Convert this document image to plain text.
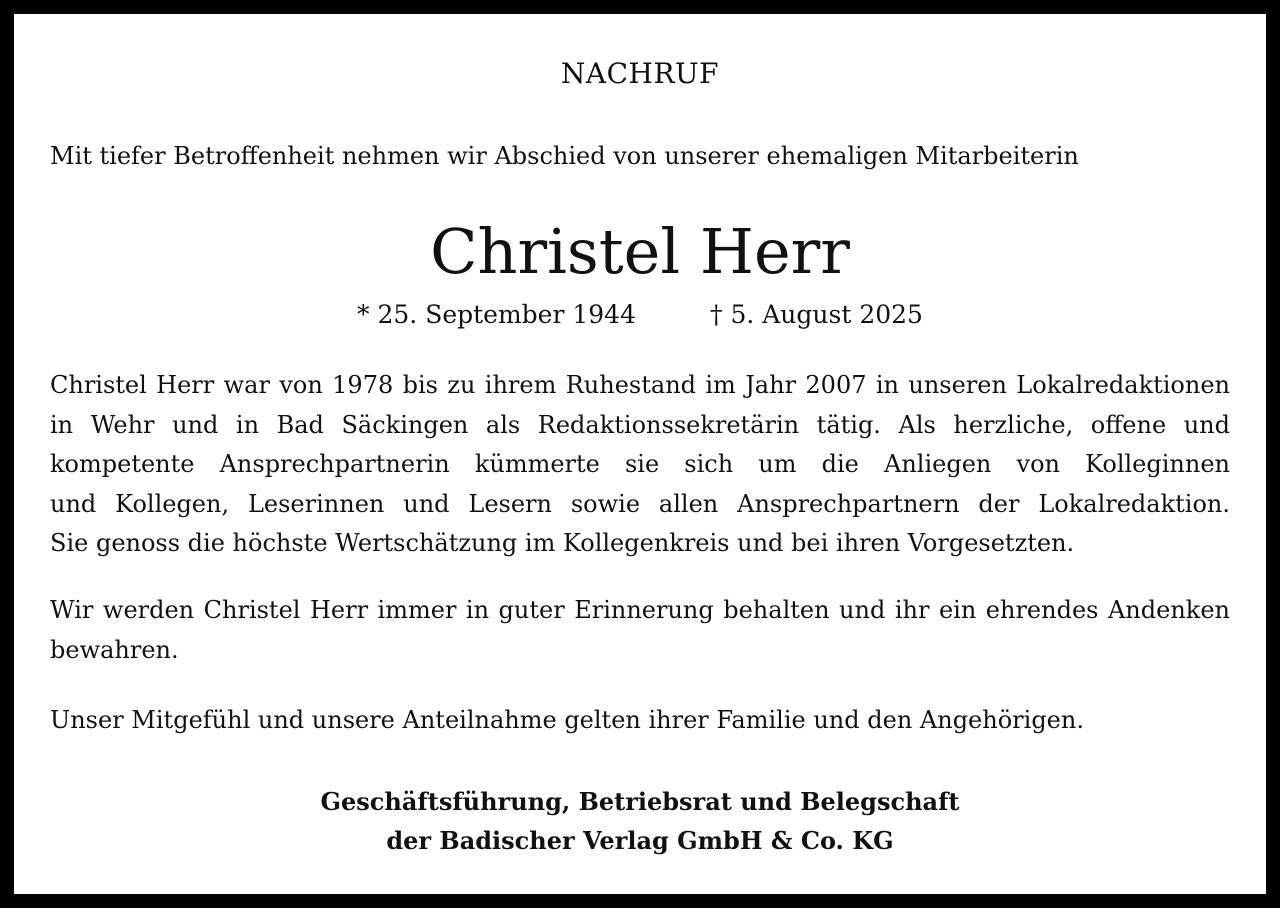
NACHRUF
Mit tiefer Betroffenheit nehmen wir Abschied von unserer ehemaligen Mitarbeiterin
Christel Herr
* 25. September 1944	† 5. August 2025
Christel Herr war von 1978 bis zu ihrem Ruhestand im Jahr 2007 in unseren Lokalredaktionen
in Wehr und in Bad Säckingen als Redaktionssekretärin tätig. Als herzliche, offene und
kompetente Ansprechpartnerin kümmerte sie sich um die Anliegen von Kolleginnen
und Kollegen, Leserinnen und Lesern sowie allen Ansprechpartnern der Lokalredaktion.
Sie genoss die höchste Wertschätzung im Kollegenkreis und bei ihren Vorgesetzten.
Wir werden Christel Herr immer in guter Erinnerung behalten und ihr ein ehrendes Andenken
bewahren.
Unser Mitgefühl und unsere Anteilnahme gelten ihrer Familie und den Angehörigen.
Geschäftsführung, Betriebsrat und Belegschaft
der Badischer Verlag GmbH & Co. KG
